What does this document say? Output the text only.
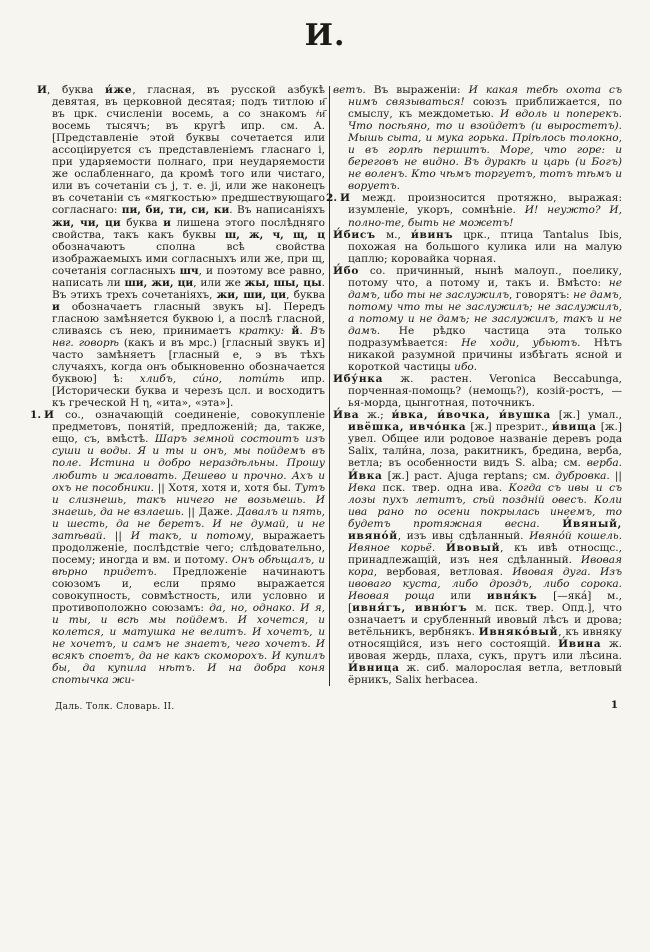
И.
И, буква и́же, гласная, въ русской азбукѣ девятая, въ церковной десятая; подъ титлою и҃ въ црк. счисленіи восемь, а со знакомъ ҂и҃ восемь тысячъ; въ кругѣ ипр. см. А. [Представленіе этой буквы сочетается или ассоціируется съ представленіемъ гласнаго і, при ударяемости полнаго, при неударяемости же ослабленнаго, да кромѣ того или чистаго, или въ сочетаніи съ j, т. е. ji, или же наконецъ въ сочетаніи съ «мягкостью» предшествующаго согласнаго: пи, би, ти, си, ки. Въ написаніяхъ жи, чи, ци буква и лишена этого послѣдняго свойства, такъ какъ буквы ш, ж, ч, щ, ц обозначаютъ сполна всѣ свойства изображаемыхъ ими согласныхъ или же, при щ, сочетанія согласныхъ шч, и поэтому все равно, написать ли ши, жи, ци, или же жы, шы, цы. Въ этихъ трехъ сочетаніяхъ, жи, ши, ци, буква и обозначаетъ гласный звукъ ы]. Передъ гласною замѣняется буквою і, а послѣ гласной, сливаясь съ нею, принимаетъ кратку: й. Въ нвг. говорѣ (какъ и въ мрс.) [гласный звукъ и] часто замѣняетъ [гласный е, э въ тѣхъ случаяхъ, когда онъ обыкновенно обозначается буквою] ѣ: хлибъ, си́но, поти́ть ипр. [Исторически буква и черезъ цсл. и восходитъ къ греческой Н η, «ита», «эта»].
1. И со., означающій соединеніе, совокупленіе предметовъ, понятій, предложеній; да, также, ещо, съ, вмѣстѣ. Шаръ земной состоитъ изъ суши и воды. Я и ты и онъ, мы пойдемъ въ поле. Истина и добро нераздѣльны. Прошу любить и жаловать. Дешево и прочно. Ахъ и охъ не пособники. || Хотя, хотя и, хотя бы. Тутъ и слизнешь, такъ ничего не возьмешь. И знаешь, да не взлаешь. || Даже. Давалъ и пять, и шесть, да не беретъ. И не думай, и не затѣвай. || И такъ, и потому, выражаетъ продолженіе, послѣдствіе чего; слѣдовательно, посему; иногда и вм. и потому. Онъ обѣщалъ, и вѣрно придетъ. Предложеніе начинаютъ союзомъ и, если прямо выражается совокупность, совмѣстность, или условно и противоположно союзамъ: да, но, однако. И я, и ты, и всѣ мы пойдемъ. И хочется, и колется, и матушка не велитъ. И хочетъ, и не хочетъ, и самъ не знаетъ, чего хочетъ. И всякъ споетъ, да не какъ скоморохъ. И купилъ бы, да купила нѣтъ. И на добра коня спотычка жи-
ветъ. Въ выраженіи: И какая тебѣ охота съ нимъ связываться! союзъ приближается, по смыслу, къ междометью. И вдоль и поперекъ. Что посѣяно, то и взойдетъ (и выростетъ). Мышь сыта, и мука горька. Пріѣлось толокно, и въ горлѣ першитъ. Море, что горе: и береговъ не видно. Въ дуракѣ и царь (и Богъ) не воленъ. Кто чѣмъ торгуетъ, тотъ тѣмъ и воруетъ.
2. И межд. произносится протяжно, выражая: изумленіе, укоръ, сомнѣніе. И! неужто? И, полно-те, быть не можетъ!
И́бисъ м., и́винъ црк., птица Tantalus Ibis, похожая на большого кулика или на малую цаплю; коровайка чорная.
И́бо со. причинный, нынѣ малоуп., поелику, потому что, а потому и, такъ и. Вмѣсто: не дамъ, ибо ты не заслужилъ, говорятъ: не дамъ, потому что ты не заслужилъ; не заслужилъ, а потому и не дамъ; не заслужилъ, такъ и не дамъ. Не рѣдко частица эта только подразумѣвается: Не ходи, убьютъ. Нѣтъ никакой разумной причины избѣгать ясной и короткой частицы ибо.
Ибу́нка ж. растен. Veronica Beccabunga, порченная-помощь? (немощь?), козій-ростъ, —ья-морда, цынготная, поточникъ.
И́ва ж.; и́вка, и́вочка, и́вушка [ж.] умал., ивёшка, ивчо́нка [ж.] презрит., и́вища [ж.] увел. Общее или родовое названіе деревъ рода Salix, тали́на, лоза, ракитникъ, бредина, верба, ветла; въ особенности видъ S. alba; см. верба. И́вка [ж.] раст. Ajuga reptans; см. дубровка. || Ивка пск. твер. одна ива. Когда съ ивы и съ лозы пухъ летитъ, сѣй поздній овесъ. Коли ива рано по осени покрылась инеемъ, то будетъ протяжная весна. И́вяный, ивяно́й, изъ ивы сдѣланный. Ивяно́й кошель. Ивяное корьё. И́вовый, къ ивѣ относщс., принадлежащій, изъ нея сдѣланный. Ивовая кора, вербовая, ветловая. Ивовая дуга. Изъ ивоваго куста, либо дроздъ, либо сорока. Ивовая роща или ивня́къ [—яка́] м., [ивня́гъ, ивню́гъ м. пск. твер. Опд.], что означаетъ и срубленный ивовый лѣсъ и дрова; ветёльникъ, вербнякъ. Ивняко́вый, къ ивняку относящійся, изъ него состоящій. И́вина ж. ивовая жердь, плаха, сукъ, прутъ или лѣсина. И́вница ж. сиб. малорослая ветла, ветловый ёрникъ, Salix herbacea.
Даль. Толк. Словарь. II.	1
